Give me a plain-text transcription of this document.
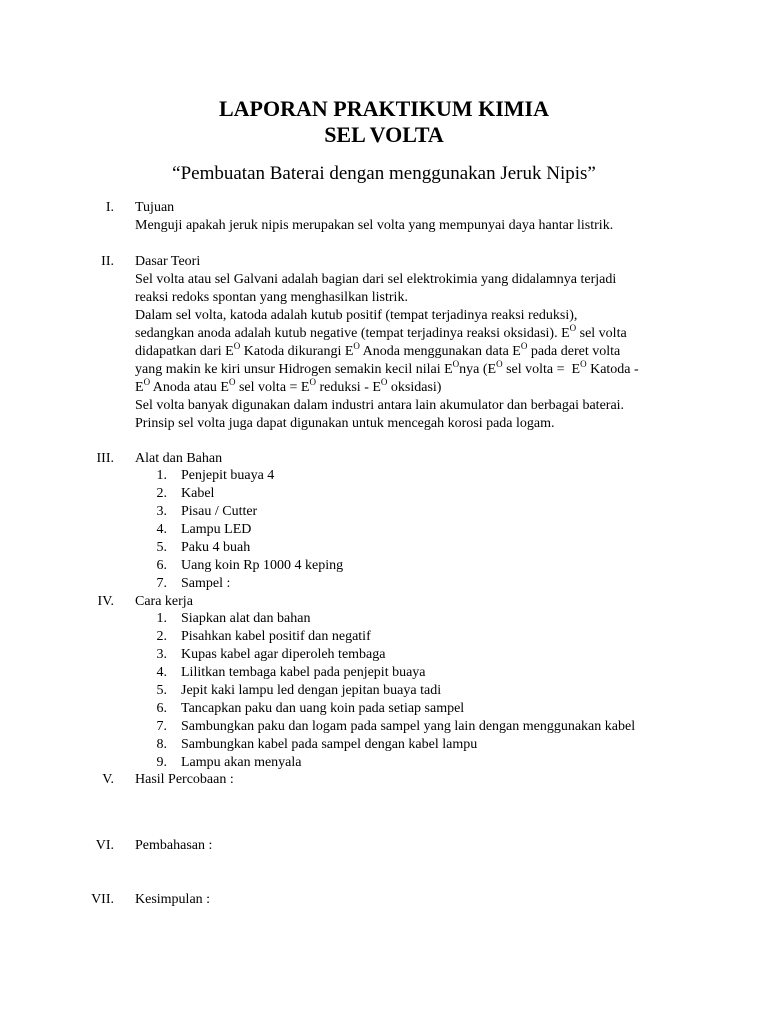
LAPORAN PRAKTIKUM KIMIA
SEL VOLTA
“Pembuatan Baterai dengan menggunakan Jeruk Nipis”
I. Tujuan

Menguji apakah jeruk nipis merupakan sel volta yang mempunyai daya hantar listrik.

II. Dasar Teori

Sel volta atau sel Galvani adalah bagian dari sel elektrokimia yang didalamnya terjadi

reaksi redoks spontan yang menghasilkan listrik.

Dalam sel volta, katoda adalah kutub positif (tempat terjadinya reaksi reduksi),

sedangkan anoda adalah kutub negative (tempat terjadinya reaksi oksidasi). $E^O$ sel volta

didapatkan dari $E^O$ Katoda dikurangi $E^O$ Anoda menggunakan data $E^O$ pada deret volta

yang makin ke kiri unsur Hidrogen semakin kecil nilai $E^Onya$ ($E^O$ sel volta =  $E^O$ Katoda -

$E^O$ Anoda atau $E^O$ sel volta = $E^O$ reduksi - $E^O$ oksidasi)

Sel volta banyak digunakan dalam industri antara lain akumulator dan berbagai baterai.

Prinsip sel volta juga dapat digunakan untuk mencegah korosi pada logam.

III. Alat dan Bahan
1. Penjepit buaya 4
2. Kabel
3. Pisau / Cutter
4. Lampu LED
5. Paku 4 buah
6. Uang koin Rp 1000 4 keping
7. Sampel :
IV. Cara kerja
1. Siapkan alat dan bahan
2. Pisahkan kabel positif dan negatif
3. Kupas kabel agar diperoleh tembaga
4. Lilitkan tembaga kabel pada penjepit buaya
5. Jepit kaki lampu led dengan jepitan buaya tadi
6. Tancapkan paku dan uang koin pada setiap sampel
7. Sambungkan paku dan logam pada sampel yang lain dengan menggunakan kabel
8. Sambungkan kabel pada sampel dengan kabel lampu
9. Lampu akan menyala
V. Hasil Percobaan :
VI. Pembahasan :
VII. Kesimpulan :
